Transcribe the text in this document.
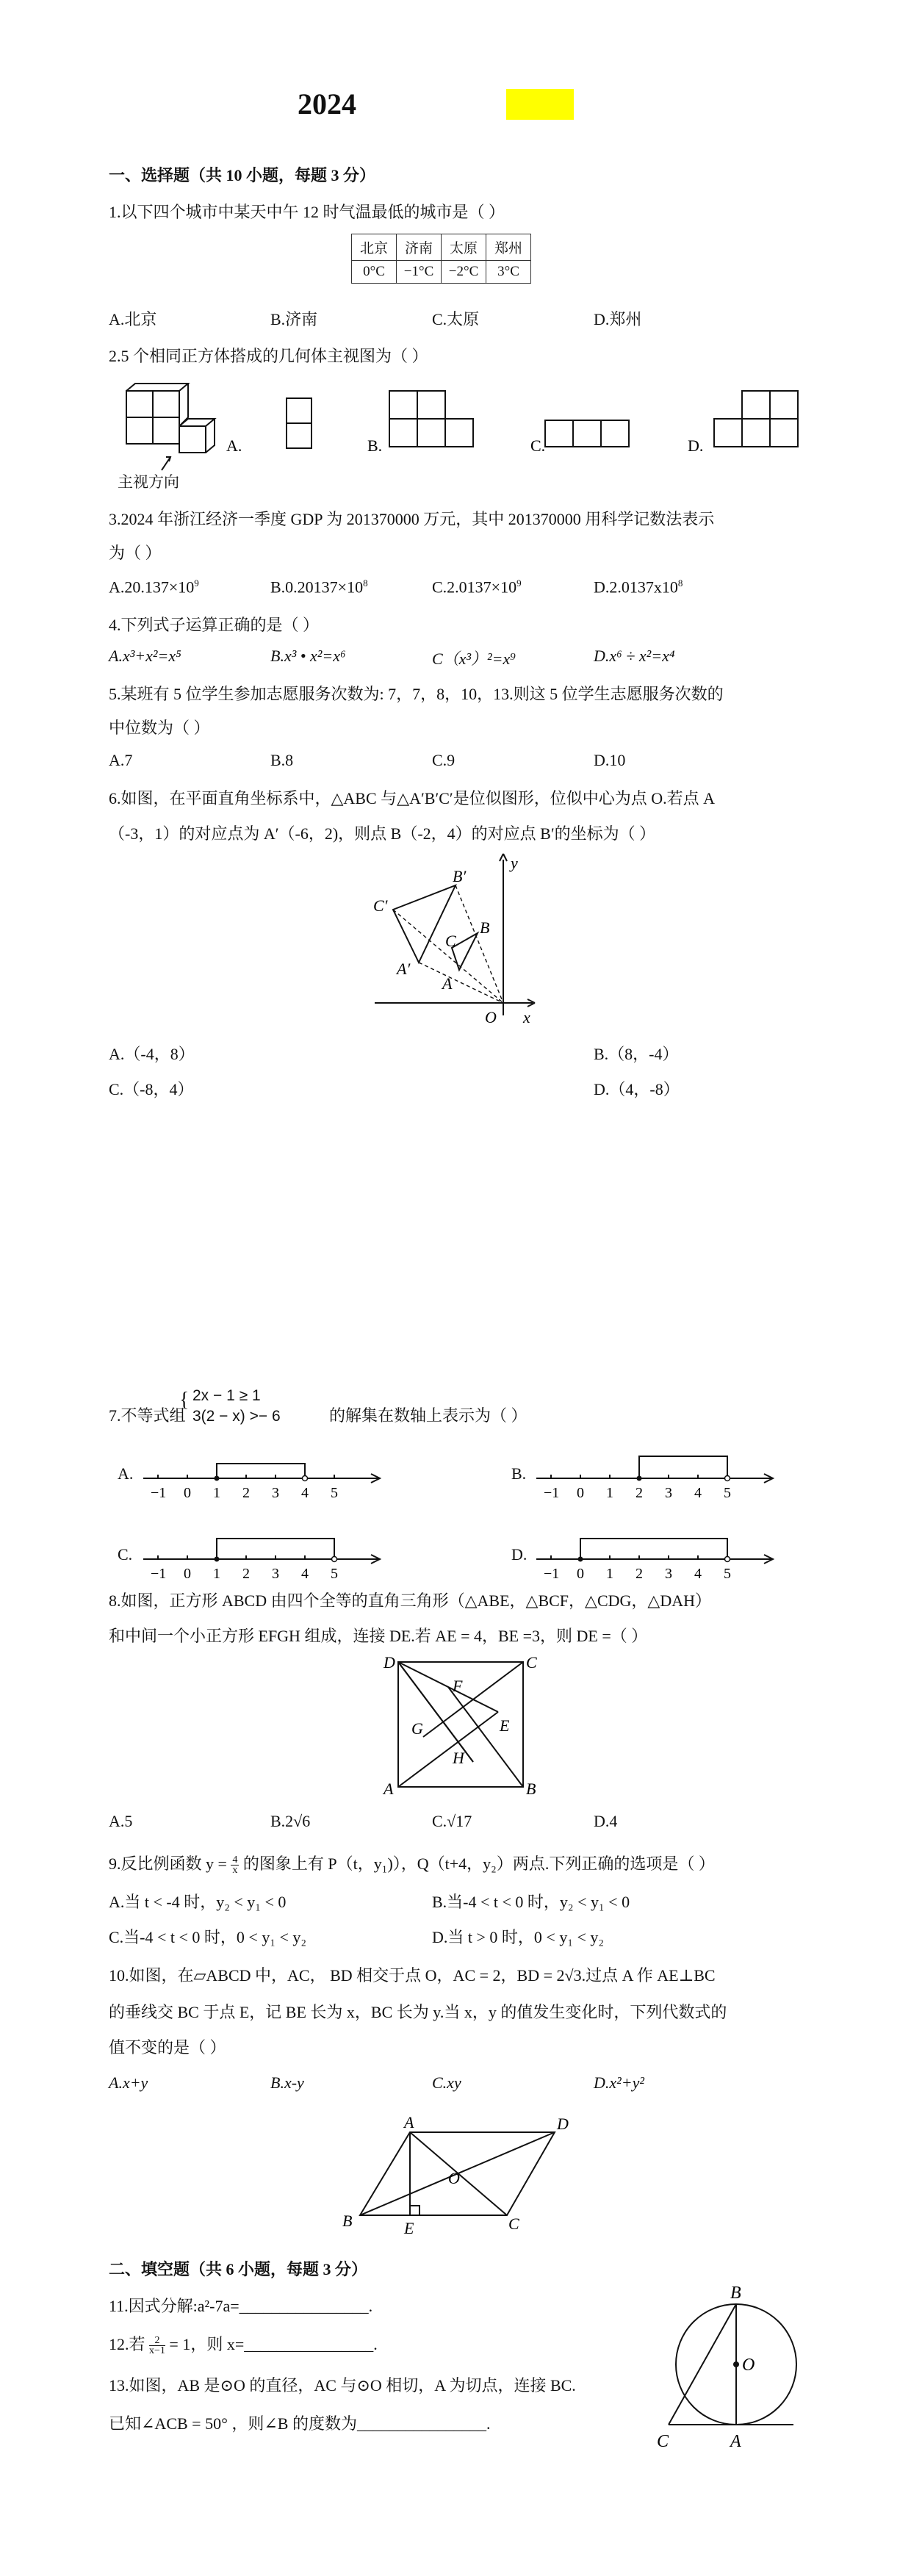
2024
一、选择题（共 10 小题，每题 3 分）
1.以下四个城市中某天中午 12 时气温最低的城市是（ ）
北京	济南	太原	郑州
0°C	−1°C	−2°C	3°C
A.北京	B.济南	C.太原	D.郑州
2.5 个相同正方体搭成的几何体主视图为（ ）
A.	B.	C.	D.
主视方向
3.2024 年浙江经济一季度 GDP 为 201370000 万元，其中 201370000 用科学记数法表示
为（ ）
$A.20.137\times 10^9$	$B.0.20137\times 10^8$	$C.2.0137\times 10^9$	$D.2.0137x10^8$
4.下列式子运算正确的是（ ）
A.x³+x²=x⁵	B.x³ • x²=x⁶	C（x³）²=x⁹	D.x⁶ ÷ x²=x⁴
5.某班有 5 位学生参加志愿服务次数为: 7，7，8，10，13.则这 5 位学生志愿服务次数的
中位数为（ ）
A.7	B.8	C.9	D.10
6.如图，在平面直角坐标系中，△ABC 与△A′B′C′是位似图形，位似中心为点 O.若点 A
（-3，1）的对应点为 A′（-6，2)，则点 B（-2，4）的对应点 B′的坐标为（ ）
C′
B′
y
B
C
A′
A
O x
A.（-4，8）	B.（8，-4）
C.（-8，4）	D.（4，-8）
7.不等式组
{ 2x − 1 ≥ 1
3(2 − x) >− 6	的解集在数轴上表示为（ ）
A.	B.
C.	D.
−1 0 1 2 3 4 5	−1 0 1 2 3 4 5
−1 0 1 2 3 4 5	−1 0 1 2 3 4 5
8.如图，正方形 ABCD 由四个全等的直角三角形（△ABE，△BCF，△CDG，△DAH）
和中间一个小正方形 EFGH 组成，连接 DE.若 AE = 4，BE =3，则 DE =（ ）
D	C
F
G	E
H
A	B
A.5	B.2√6	C.√17	D.4
9.反比例函数 $y = \frac{4}{x}$ 的图象上有 P（t，y₁)），Q（t+4，y₂）两点.下列正确的选项是（ ）
A.当 t < -4 时，y₂ < y₁ < 0	B.当-4 < t < 0 时，y₂ < y₁ < 0
C.当-4 < t < 0 时，0 < y₁ < y₂	D.当 t > 0 时，0 < y₁ < y₂
10.如图，在▱ABCD 中，AC， BD 相交于点 O，AC = 2，BD = 2√3.过点 A 作 AE⊥BC
的垂线交 BC 于点 E，记 BE 长为 x，BC 长为 y.当 x，y 的值发生变化时，下列代数式的
值不变的是（ ）
A.x+y	B.x-y	C.xy	D.x²+y²
A	D
O
B	E	C
二、填空题（共 6 小题，每题 3 分）
11.因式分解:a²-7a=________________.
12.若 $\frac{2}{x-1} = 1$，则 x=________________.
13.如图，AB 是⊙O 的直径，AC 与⊙O 相切，A 为切点，连接 BC.
已知∠ACB = 50° ，则∠B 的度数为________________.
B
O
C	A
